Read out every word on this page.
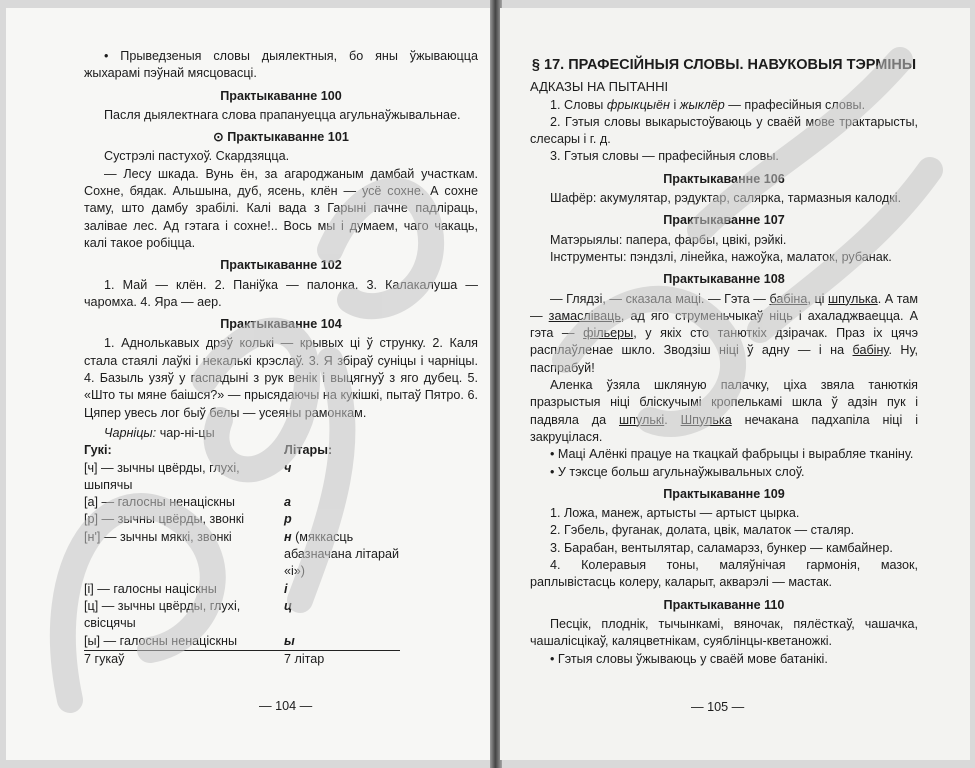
• Прыведзеныя словы дыялектныя, бо яны ўжываюцца жыхарамі пэўнай мясцовасці.

Практыкаванне 100

Пасля дыялектнага слова прапануецца агульнаўжывальнае.

⊙ Практыкаванне 101

Сустрэлі пастухоў. Скардзяцца.

— Лесу шкада. Вунь ён, за агароджаным дамбай участкам. Сохне, бядак. Альшына, дуб, ясень, клён — усё сохне. А сохне таму, што дамбу зрабілі. Калі вада з Гарыні пачне падліраць, залівае лес. Ад гэтага і сохне!.. Вось мы і думаем, чаго чакаць, калі такое робіцца.

Практыкаванне 102

1. Май — клён. 2. Паніўка — палонка. 3. Калакалуша — чаромха. 4. Яра — аер.

Практыкаванне 104

1. Аднолькавых дрэў колькі — крывых ці ў струнку. 2. Каля сталa стаялі лаўкі і некалькі крэслаў. 3. Я збіраў суніцы і чарніцы. 4. Базыль узяў у гаспадыні з рук венік і выцягнуў з яго дубец. 5. «Што ты мяне баішся?» — прысядаючы на кукішкі, пытаў Пятро. 6. Цяпер увесь лог быў белы — усеяны рамонкам.

Чарніцы: чар-ні-цы

Гукі:	Літары:
[ч] — зычны цвёрды, глухі, шыпячы	ч
[а] — галосны ненацiскны	а
[р] — зычны цвёрды, звонкі	р
[н'] — зычны мяккі, звонкі	н (мяккасць абазначана літарай «і»)
[і] — галосны націскны	і
[ц] — зычны цвёрды, глухі, свісцячы	ц
[ы] — галосны ненацiскны	ы
7 гукаў	7 літар
— 104 —
§ 17. ПРАФЕСІЙНЫЯ СЛОВЫ. НАВУКОВЫЯ ТЭРМІНЫ
АДКАЗЫ НА ПЫТАННІ

1. Словы фрыкцыён і жыклёр — прафесійныя словы.

2. Гэтыя словы выкарыстоўваюць у сваёй мове трактарысты, слесары і г. д.

3. Гэтыя словы — прафесійныя словы.

Практыкаванне 106

Шафёр: акумулятар, рэдуктар, салярка, тармазныя калодкі.

Практыкаванне 107

Матэрыялы: папера, фарбы, цвікі, рэйкі.

Інструменты: пэндзлі, лінейка, нажоўка, малаток, рубанак.

Практыкаванне 108

— Глядзі, — сказала маці. — Гэта — бабіна, ці шпулька. А там — замасліваць, ад яго струменьчыкаў ніць і ахаладжваецца. А гэта — фільеры, у якіх сто танюткіх дзірачак. Праз іх цячэ расплаўленае шкло. Зводзіш ніці ў адну — і на бабіну. Ну, паспрабуй!

Аленка ўзяла шкляную палачку, ціха звяла танюткія празрыстыя ніці бліскучымі кропелькамі шкла ў адзін пук і падвяла да шпулькі. Шпулька нечакана падхапіла ніці і закруцілася.

• Маці Алёнкі працуе на ткацкай фабрыцы і вырабляе тканіну.

• У тэксце больш агульнаўжывальных слоў.

Практыкаванне 109

1. Ложа, манеж, артысты — артыст цырка.

2. Гэбель, фуганак, долата, цвік, малаток — сталяр.

3. Барабан, вентылятар, саламарэз, бункер — камбайнер.

4. Колеравыя тоны, маляўнічая гармонія, мазок, раплывістасць колеру, каларыт, акварэлі — мастак.

Практыкаванне 110

Песцік, плоднік, тычынкамі, вяночак, пялёсткаў, чашачка, чашалісцікаў, каляцветнікам, суяблінцы-кветаножкі.

• Гэтыя словы ўжываюць у сваёй мове батанікі.

— 105 —
